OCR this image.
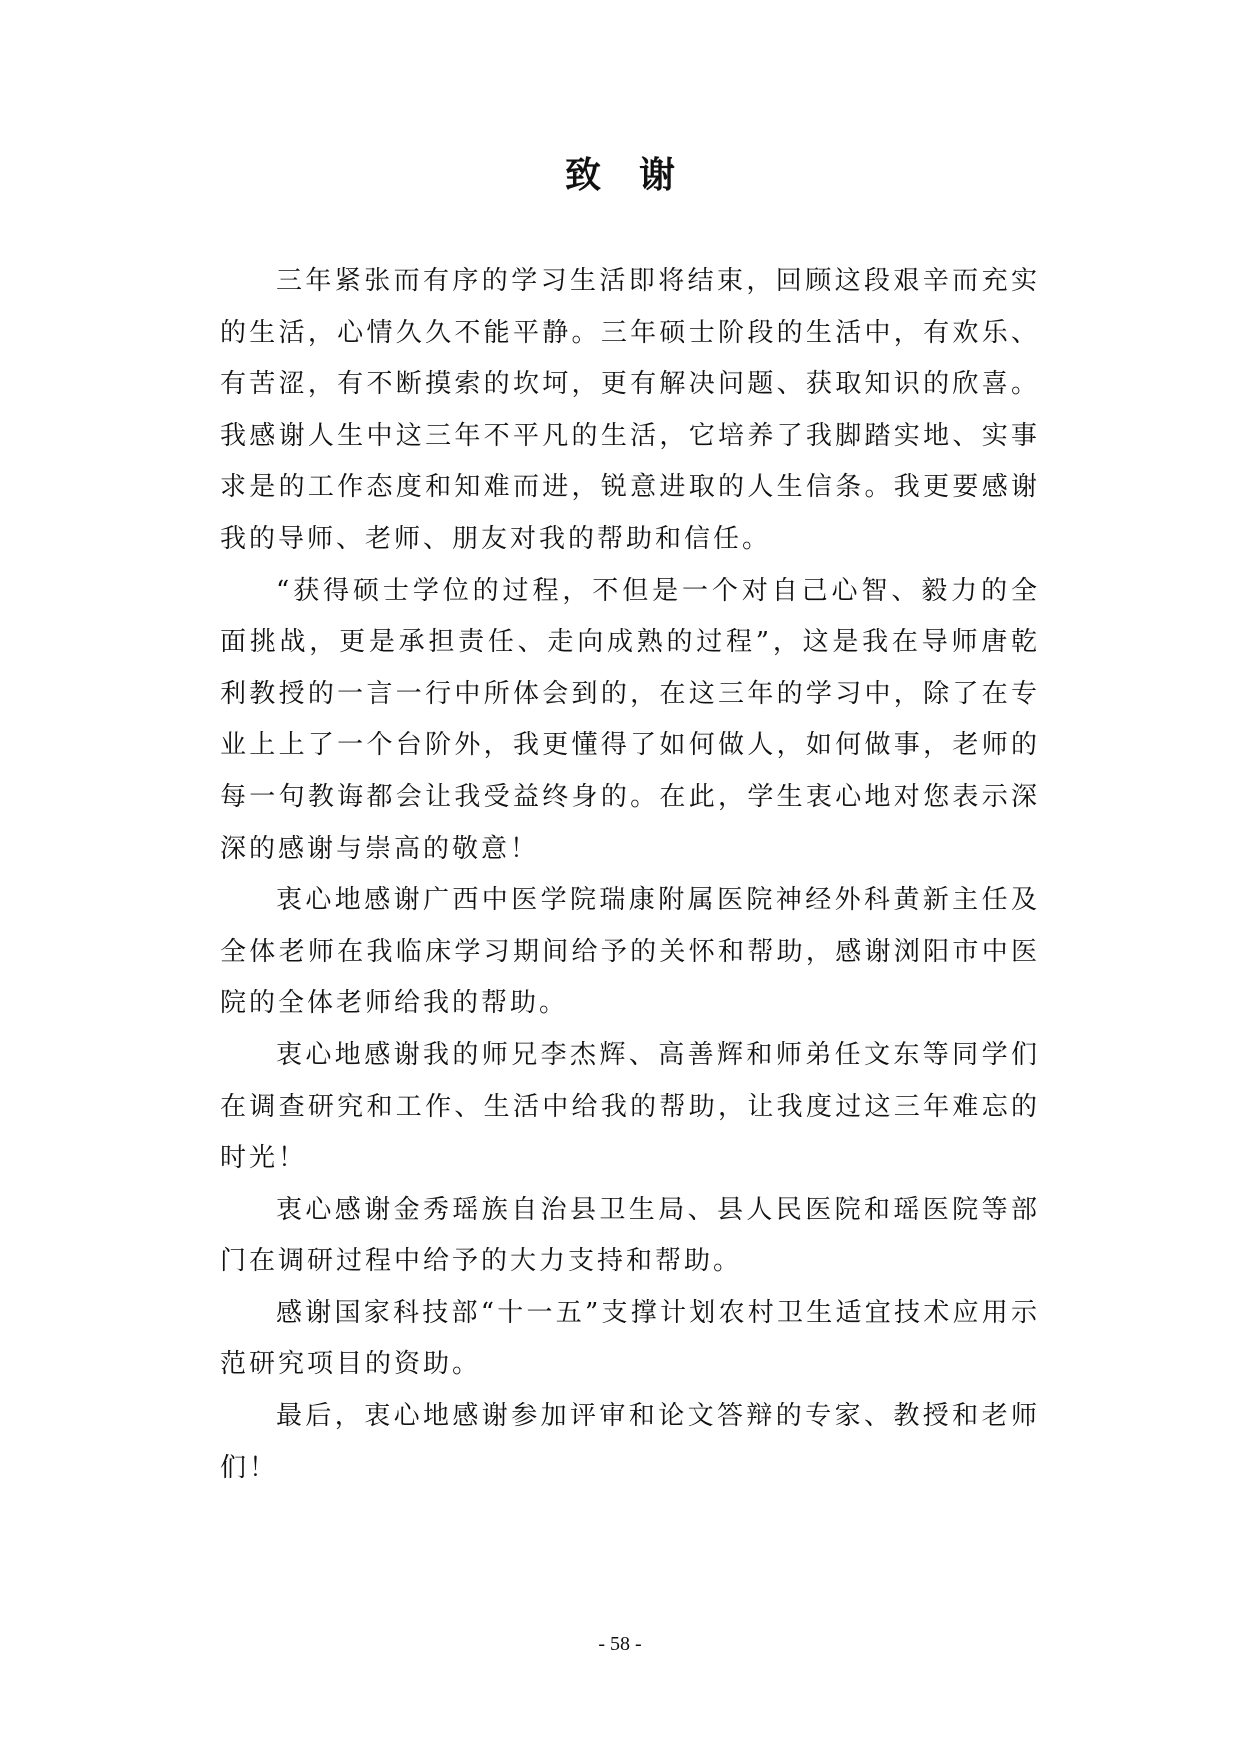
致谢

三年紧张而有序的学习生活即将结束，回顾这段艰辛而充实的生活，心情久久不能平静。三年硕士阶段的生活中，有欢乐、有苦涩，有不断摸索的坎坷，更有解决问题、获取知识的欣喜。我感谢人生中这三年不平凡的生活，它培养了我脚踏实地、实事求是的工作态度和知难而进，锐意进取的人生信条。我更要感谢我的导师、老师、朋友对我的帮助和信任。

“获得硕士学位的过程，不但是一个对自己心智、毅力的全面挑战，更是承担责任、走向成熟的过程”，这是我在导师唐乾利教授的一言一行中所体会到的，在这三年的学习中，除了在专业上上了一个台阶外，我更懂得了如何做人，如何做事，老师的每一句教诲都会让我受益终身的。在此，学生衷心地对您表示深深的感谢与崇高的敬意！

衷心地感谢广西中医学院瑞康附属医院神经外科黄新主任及全体老师在我临床学习期间给予的关怀和帮助，感谢浏阳市中医院的全体老师给我的帮助。

衷心地感谢我的师兄李杰辉、高善辉和师弟任文东等同学们在调查研究和工作、生活中给我的帮助，让我度过这三年难忘的时光！

衷心感谢金秀瑶族自治县卫生局、县人民医院和瑶医院等部门在调研过程中给予的大力支持和帮助。

感谢国家科技部“十一五”支撑计划农村卫生适宜技术应用示范研究项目的资助。

最后，衷心地感谢参加评审和论文答辩的专家、教授和老师们！

- 58 -
